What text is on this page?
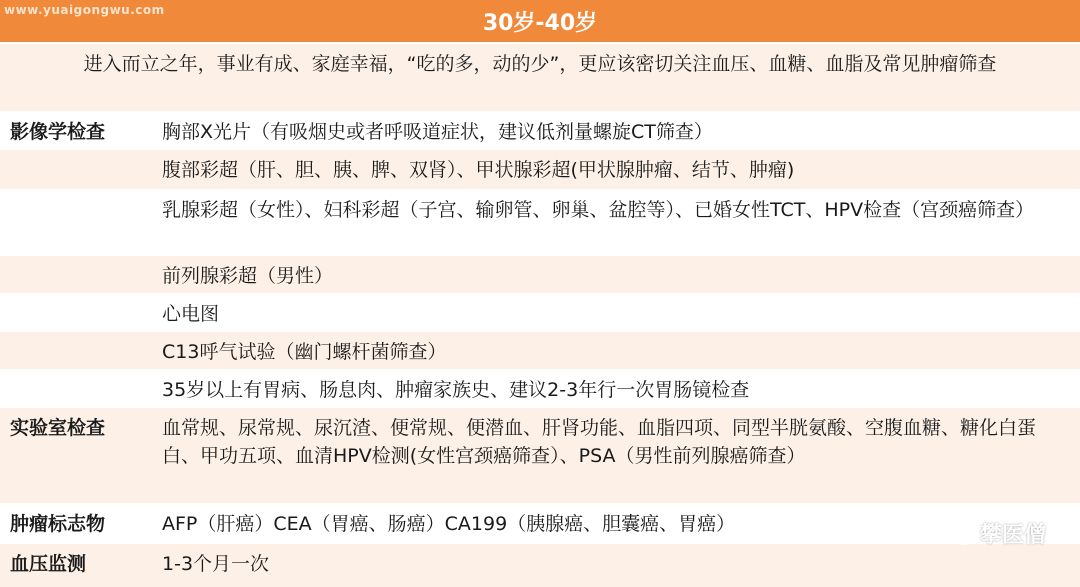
30岁-40岁
www.yuaigongwu.com
进入而立之年，事业有成、家庭幸福，“吃的多，动的少”，更应该密切关注血压、血糖、血脂及常见肿瘤筛查
影像学检查	胸部X光片（有吸烟史或者呼吸道症状，建议低剂量螺旋CT筛查）
腹部彩超（肝、胆、胰、脾、双肾）、甲状腺彩超(甲状腺肿瘤、结节、肿瘤)
乳腺彩超（女性）、妇科彩超（子宫、输卵管、卵巢、盆腔等）、已婚女性TCT、HPV检查（宫颈癌筛查）
前列腺彩超（男性）
心电图
C13呼气试验（幽门螺杆菌筛查）
35岁以上有胃病、肠息肉、肿瘤家族史、建议2-3年行一次胃肠镜检查
实验室检查	血常规、尿常规、尿沉渣、便常规、便潜血、肝肾功能、血脂四项、同型半胱氨酸、空腹血糖、糖化白蛋白、甲功五项、血清HPV检测(女性宫颈癌筛查）、PSA（男性前列腺癌筛查）
肿瘤标志物	AFP（肝癌）CEA（胃癌、肠癌）CA199（胰腺癌、胆囊癌、胃癌）
血压监测	1-3个月一次
攀医僧
